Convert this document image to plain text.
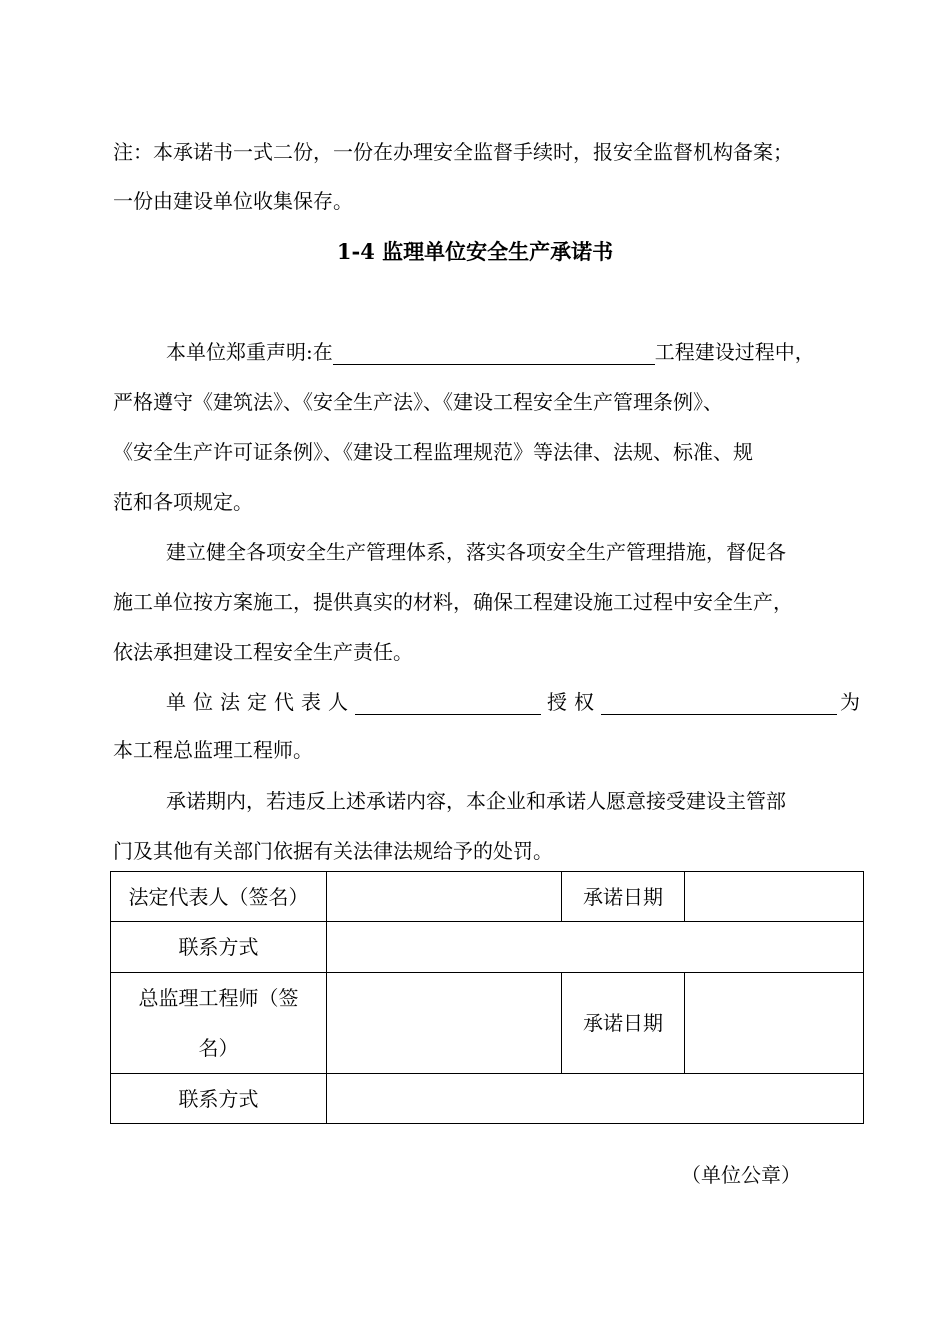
注：本承诺书一式二份，一份在办理安全监督手续时，报安全监督机构备案；
一份由建设单位收集保存。
1-4 监理单位安全生产承诺书
本单位郑重声明:在	工程建设过程中，
严格遵守《建筑法》、《安全生产法》、《建设工程安全生产管理条例》、
《安全生产许可证条例》、《建设工程监理规范》等法律、法规、标准、规
范和各项规定。
建立健全各项安全生产管理体系，落实各项安全生产管理措施，督促各
施工单位按方案施工，提供真实的材料，确保工程建设施工过程中安全生产，
依法承担建设工程安全生产责任。
单位法定代表人	授权	为
本工程总监理工程师。
承诺期内，若违反上述承诺内容，本企业和承诺人愿意接受建设主管部
门及其他有关部门依据有关法律法规给予的处罚。
法定代表人（签名）		承诺日期	
联系方式			
总监理工程师（签名）		承诺日期	
联系方式			
（单位公章）
